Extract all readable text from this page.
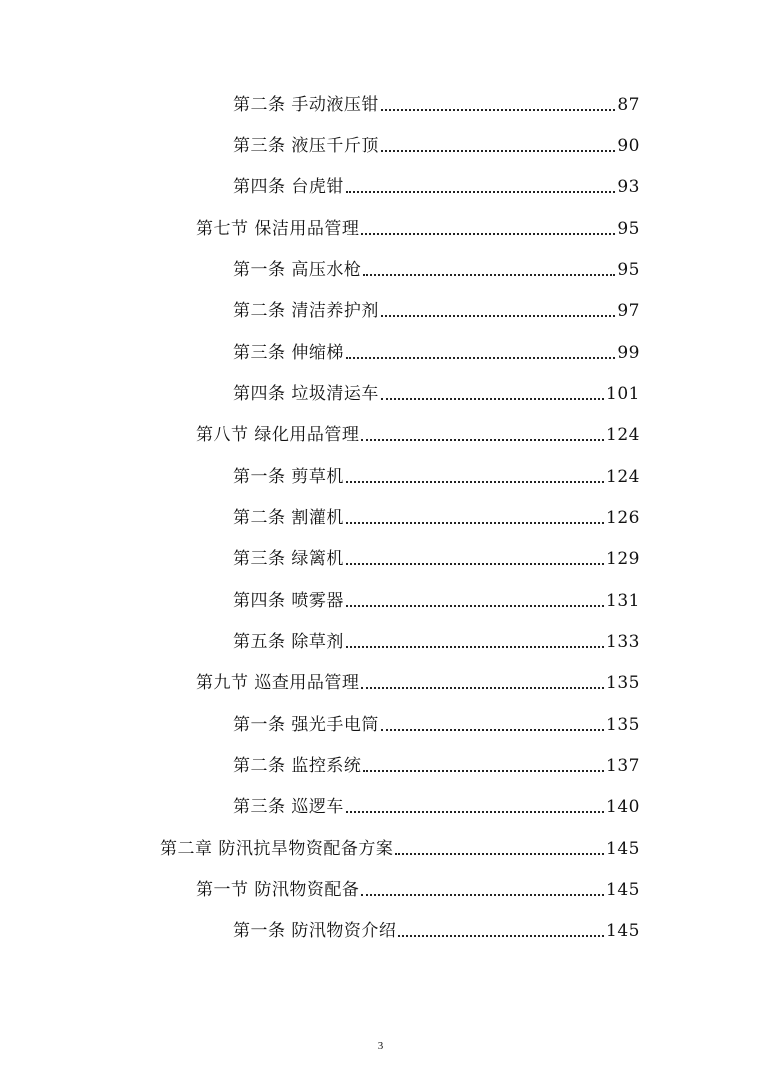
第二条 手动液压钳	87
第三条 液压千斤顶	90
第四条 台虎钳	93
第七节 保洁用品管理	95
第一条 高压水枪	95
第二条 清洁养护剂	97
第三条 伸缩梯	99
第四条 垃圾清运车	101
第八节 绿化用品管理	124
第一条 剪草机	124
第二条 割灌机	126
第三条 绿篱机	129
第四条 喷雾器	131
第五条 除草剂	133
第九节 巡查用品管理	135
第一条 强光手电筒	135
第二条 监控系统	137
第三条 巡逻车	140
第二章 防汛抗旱物资配备方案	145
第一节 防汛物资配备	145
第一条 防汛物资介绍	145
3
